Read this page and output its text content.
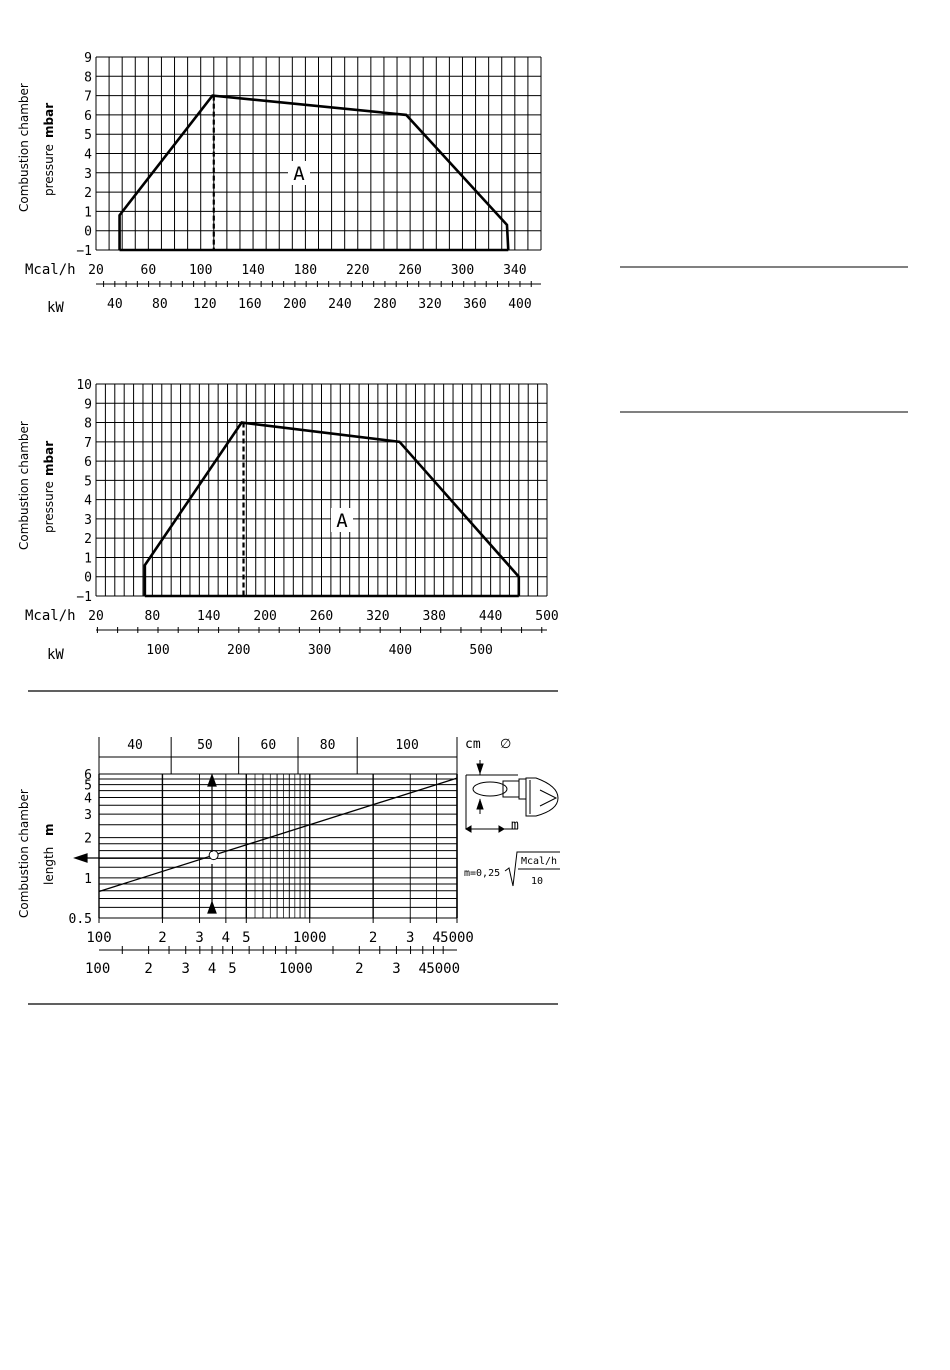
−1
0
1
2
3
4
5
6
7
8
9
20	60	100 140 180 220 260 300 340
40 80 120 160 200 240 280 320 360 400
A
Mcal/h
kW
Combustion chamber pressure
mbar
−1
0
1
2
3
4
5
6
7
8
9
10
20	80	140	200	260	320	380	440	500
100	200	300	400	500
A
Mcal/h
kW
Combustion chamber pressure
mbar
0.5
1
2
3
4
5
6
100	2 3 4 5	1000	2 3 4 5000
100 2 3 4 5	1000	2 3 4 5000
40	50	60	80	100	cm ∅
Combustion chamber length
m	m
m=0,25
Mcal/h
10
